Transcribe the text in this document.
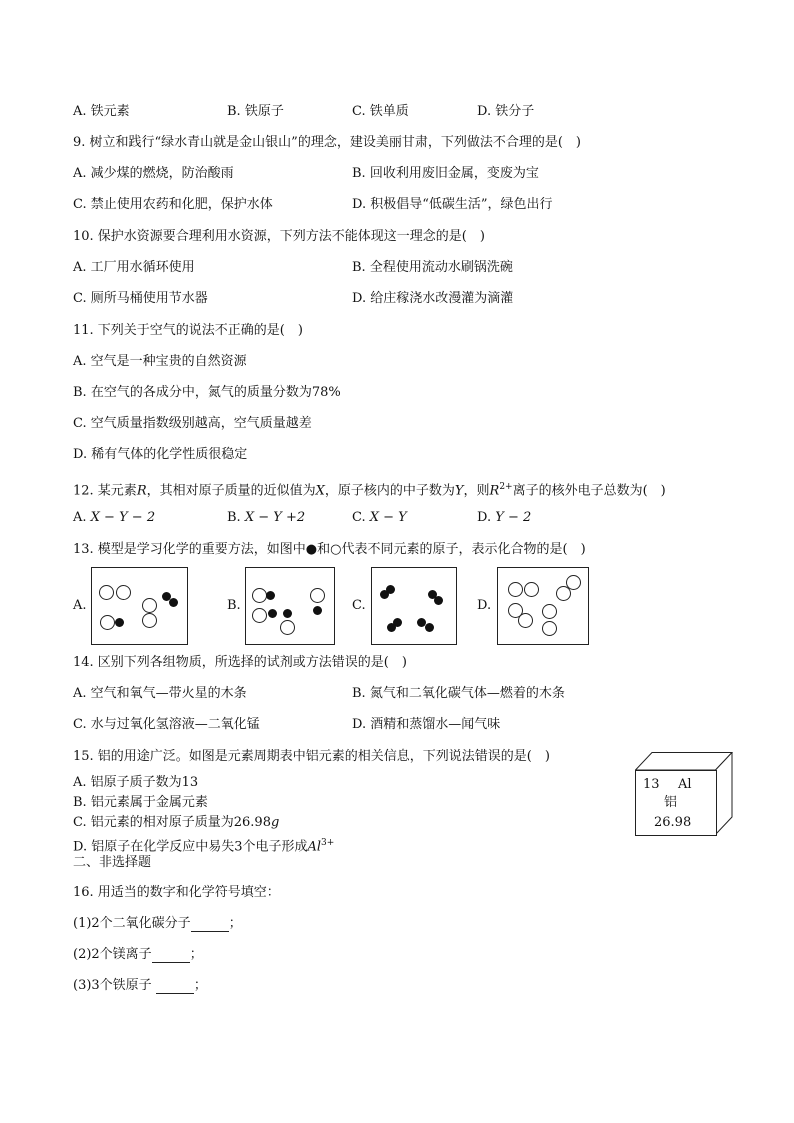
A. 铁元素	B. 铁原子	C. 铁单质	D. 铁分子
9. 树立和践行“绿水青山就是金山银山”的理念，建设美丽甘肃，下列做法不合理的是(　)
A. 减少煤的燃烧，防治酸雨	B. 回收利用废旧金属，变废为宝
C. 禁止使用农药和化肥，保护水体	D. 积极倡导“低碳生活”，绿色出行
10. 保护水资源要合理利用水资源，下列方法不能体现这一理念的是(　)
A. 工厂用水循环使用	B. 全程使用流动水刷锅洗碗
C. 厕所马桶使用节水器	D. 给庄稼浇水改漫灌为滴灌
11. 下列关于空气的说法不正确的是(　)
A. 空气是一种宝贵的自然资源
B. 在空气的各成分中，氮气的质量分数为78%
C. 空气质量指数级别越高，空气质量越差
D. 稀有气体的化学性质很稳定
12. 某元素R，其相对原子质量的近似值为X，原子核内的中子数为Y，则$R^{2+}$离子的核外电子总数为(　)
A. X − Y − 2	B. X − Y +2	C. X − Y	D. Y − 2
13. 模型是学习化学的重要方法，如图中●和○代表不同元素的原子，表示化合物的是(　)
A.	B.	C.	D.
14. 区别下列各组物质，所选择的试剂或方法错误的是(　)
A. 空气和氧气—带火星的木条	B. 氮气和二氧化碳气体—燃着的木条
C. 水与过氧化氢溶液—二氧化锰	D. 酒精和蒸馏水—闻气味
15. 铝的用途广泛。如图是元素周期表中铝元素的相关信息，下列说法错误的是(　)
A. 铝原子质子数为13
B. 铝元素属于金属元素
C. 铝元素的相对原子质量为26.98g
D. 铝原子在化学反应中易失3个电子形成$Al^{3+}$
13 Al
铝
26.98
二、非选择题
16. 用适当的数字和化学符号填空：
(1)2个二氧化碳分子	；
(2)2个镁离子	；
(3)3个铁原子	；
